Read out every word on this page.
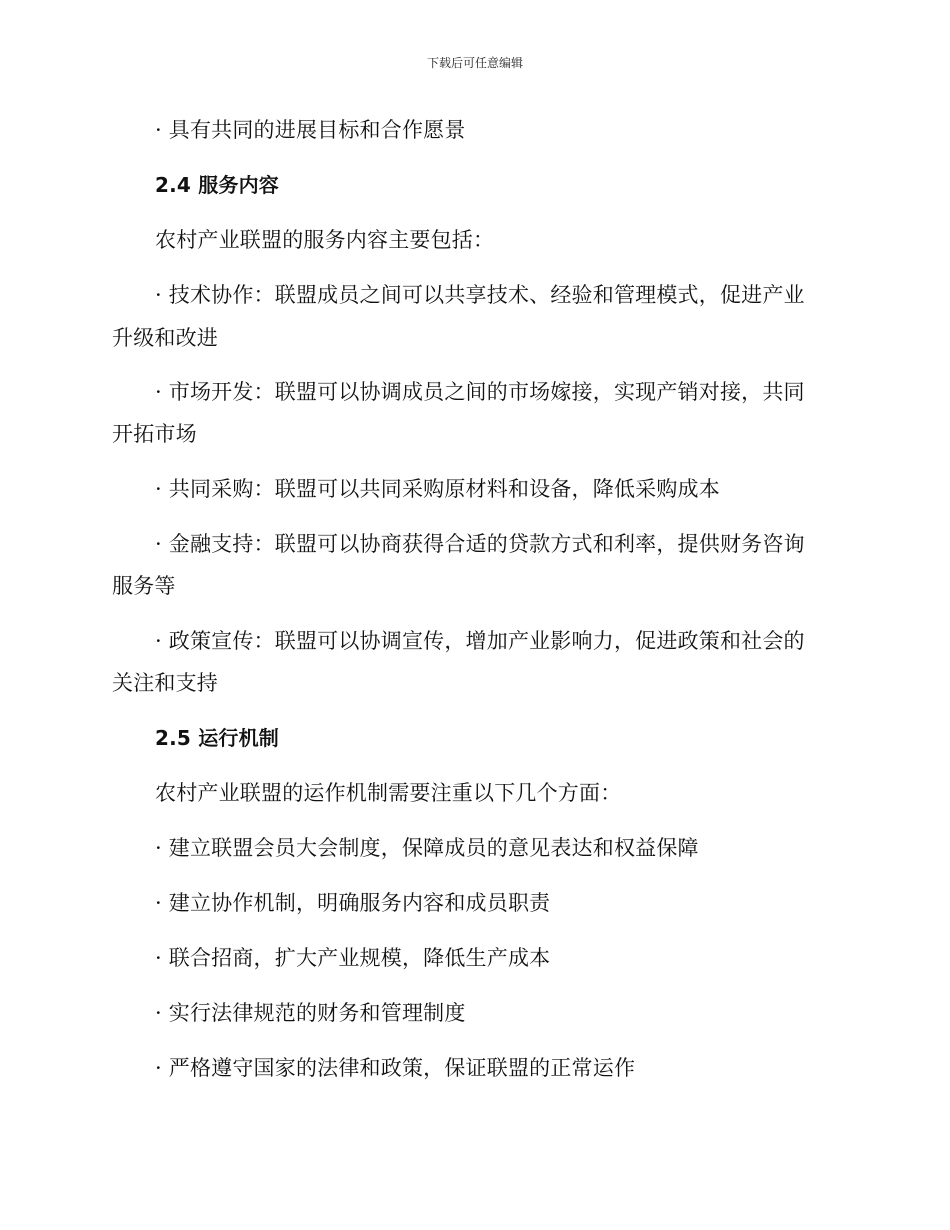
下载后可任意编辑
· 具有共同的进展目标和合作愿景
2.4 服务内容
农村产业联盟的服务内容主要包括：
· 技术协作：联盟成员之间可以共享技术、经验和管理模式，促进产业
升级和改进
· 市场开发：联盟可以协调成员之间的市场嫁接，实现产销对接，共同
开拓市场
· 共同采购：联盟可以共同采购原材料和设备，降低采购成本
· 金融支持：联盟可以协商获得合适的贷款方式和利率，提供财务咨询
服务等
· 政策宣传：联盟可以协调宣传，增加产业影响力，促进政策和社会的
关注和支持
2.5 运行机制
农村产业联盟的运作机制需要注重以下几个方面：
· 建立联盟会员大会制度，保障成员的意见表达和权益保障
· 建立协作机制，明确服务内容和成员职责
· 联合招商，扩大产业规模，降低生产成本
· 实行法律规范的财务和管理制度
· 严格遵守国家的法律和政策，保证联盟的正常运作
